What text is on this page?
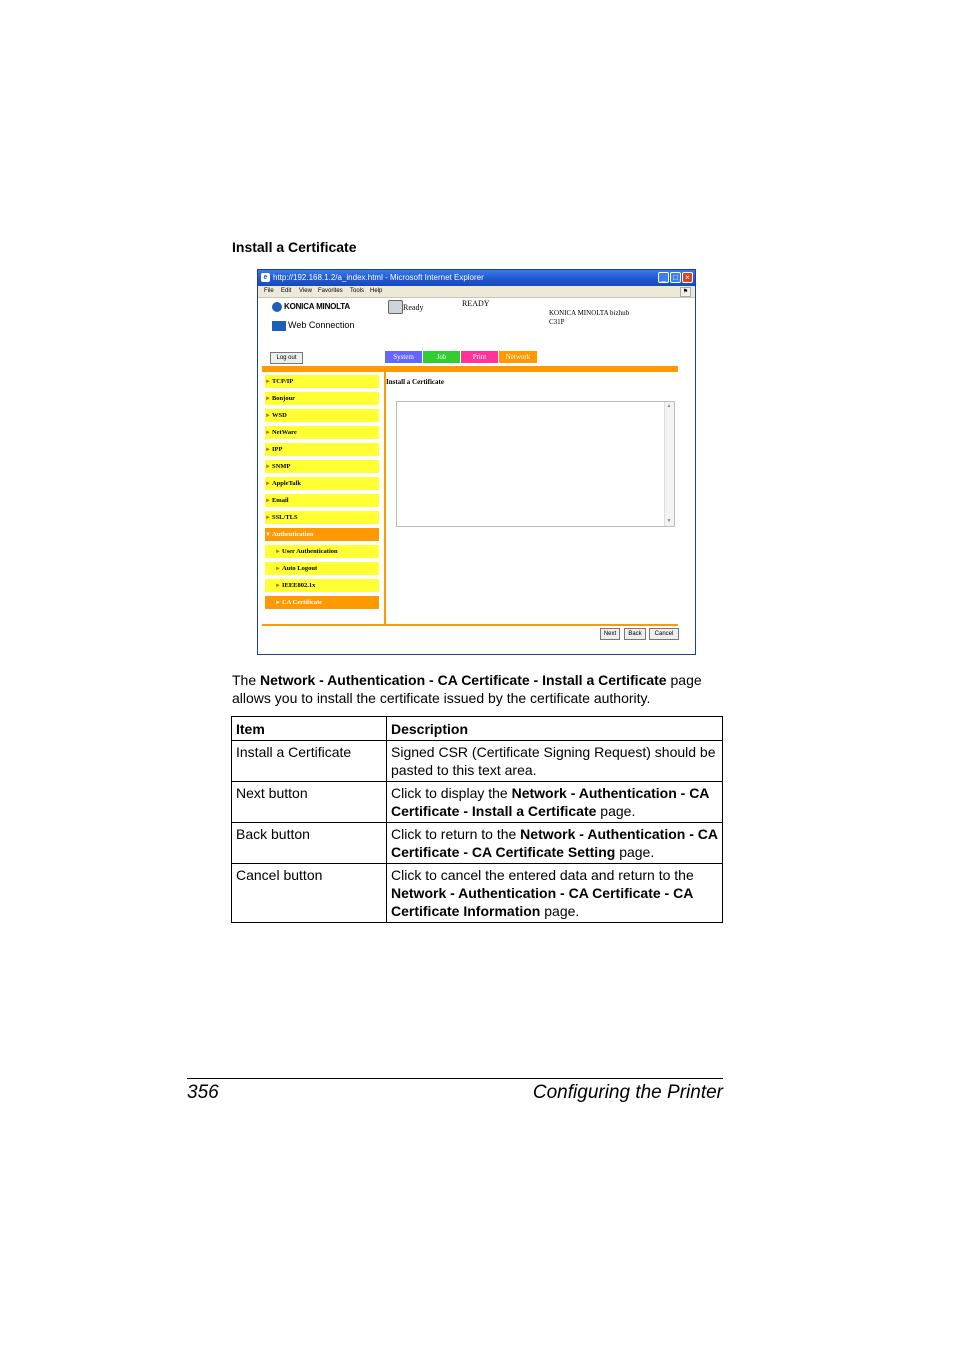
Install a Certificate
e http://192.168.1.2/a_index.html - Microsoft Internet Explorer	_ □ ×
File Edit View Favorites Tools Help	⚑
KONICA MINOLTA
Web Connection
Ready	READY
KONICA MINOLTA bizhub
C31P
Log out	System	Job	Print	Network
►TCP/IP
►Bonjour
►WSD
►NetWare
►IPP
►SNMP
►AppleTalk
►Email
►SSL/TLS
▼Authentication
►User Authentication
►Auto Logout
►IEEE802.1x
►CA Certificate
Install a Certificate
▲
▼
Next	Back	Cancel
The Network - Authentication - CA Certificate - Install a Certificate page allows you to install the certificate issued by the certificate authority.
Item	Description
Install a Certificate	Signed CSR (Certificate Signing Request) should be pasted to this text area.
Next button	Click to display the Network - Authentication - CA Certificate - Install a Certificate page.
Back button	Click to return to the Network - Authentication - CA Certificate - CA Certificate Setting page.
Cancel button	Click to cancel the entered data and return to the Network - Authentication - CA Certificate - CA Certificate Information page.
356	Configuring the Printer
